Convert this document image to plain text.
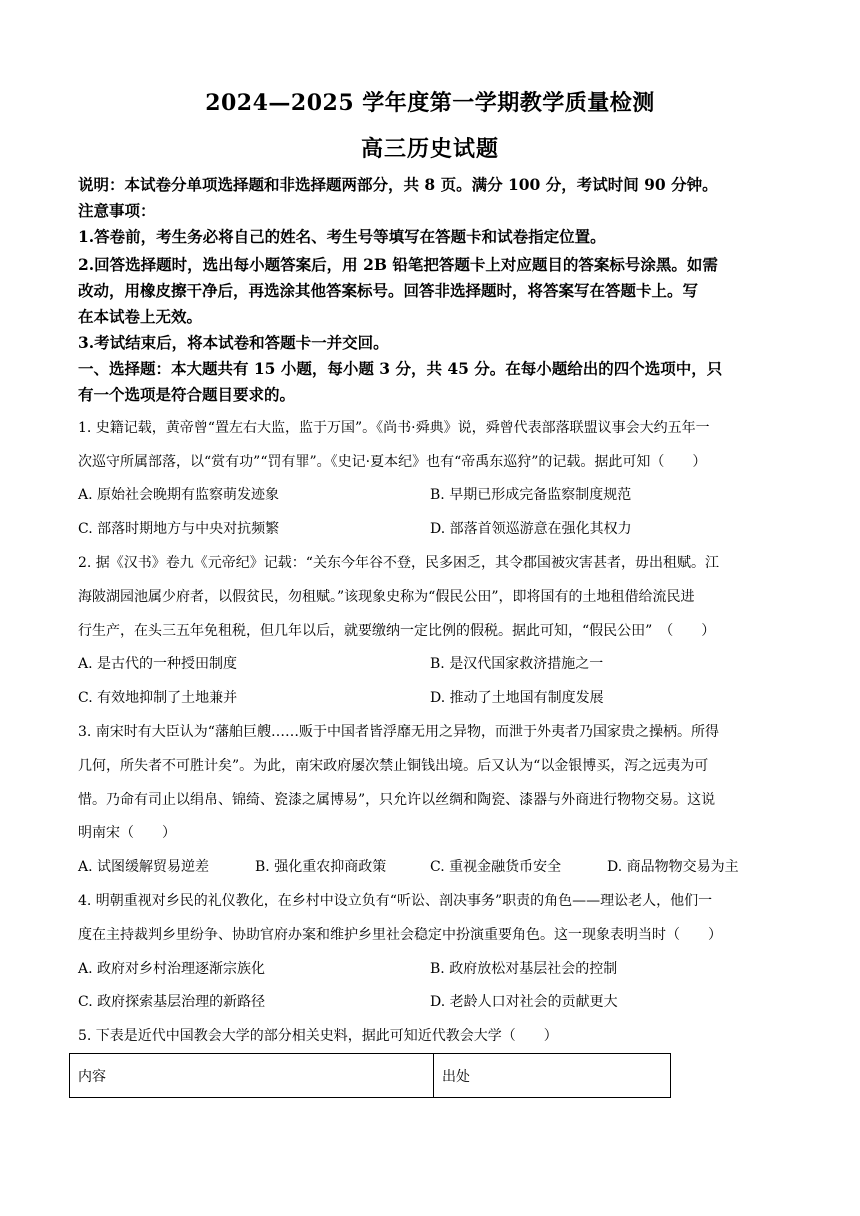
2024—2025 学年度第一学期教学质量检测
高三历史试题
说明：本试卷分单项选择题和非选择题两部分，共 8 页。满分 100 分，考试时间 90 分钟。
注意事项：
1.答卷前，考生务必将自己的姓名、考生号等填写在答题卡和试卷指定位置。
2.回答选择题时，选出每小题答案后，用 2B 铅笔把答题卡上对应题目的答案标号涂黑。如需
改动，用橡皮擦干净后，再选涂其他答案标号。回答非选择题时，将答案写在答题卡上。写
在本试卷上无效。
3.考试结束后，将本试卷和答题卡一并交回。
一、选择题：本大题共有 15 小题，每小题 3 分，共 45 分。在每小题给出的四个选项中，只
有一个选项是符合题目要求的。
1. 史籍记载，黄帝曾“置左右大监，监于万国”。《尚书·舜典》说，舜曾代表部落联盟议事会大约五年一
次巡守所属部落，以“赏有功”“罚有罪”。《史记·夏本纪》也有“帝禹东巡狩”的记载。据此可知（　　）
A. 原始社会晚期有监察萌发迹象	B. 早期已形成完备监察制度规范
C. 部落时期地方与中央对抗频繁	D. 部落首领巡游意在强化其权力
2. 据《汉书》卷九《元帝纪》记载：“关东今年谷不登，民多困乏，其令郡国被灾害甚者，毋出租赋。江
海陂湖园池属少府者，以假贫民，勿租赋。”该现象史称为“假民公田”，即将国有的土地租借给流民进
行生产，在头三五年免租税，但几年以后，就要缴纳一定比例的假税。据此可知，“假民公田”　（　　）
A. 是古代的一种授田制度	B. 是汉代国家救济措施之一
C. 有效地抑制了土地兼并	D. 推动了土地国有制度发展
3. 南宋时有大臣认为“藩舶巨艘……贩于中国者皆浮靡无用之异物，而泄于外夷者乃国家贵之操柄。所得
几何，所失者不可胜计矣”。为此，南宋政府屡次禁止铜钱出境。后又认为“以金银博买，泻之远夷为可
惜。乃命有司止以绢帛、锦绮、瓷漆之属博易”，只允许以丝绸和陶瓷、漆器与外商进行物物交易。这说
明南宋（　　）
A. 试图缓解贸易逆差	B. 强化重农抑商政策	C. 重视金融货币安全	D. 商品物物交易为主
4. 明朝重视对乡民的礼仪教化，在乡村中设立负有“听讼、剖决事务”职责的角色——理讼老人，他们一
度在主持裁判乡里纷争、协助官府办案和维护乡里社会稳定中扮演重要角色。这一现象表明当时（　　）
A. 政府对乡村治理逐渐宗族化	B. 政府放松对基层社会的控制
C. 政府探索基层治理的新路径	D. 老龄人口对社会的贡献更大
5. 下表是近代中国教会大学的部分相关史料，据此可知近代教会大学（　　）
内容	出处
